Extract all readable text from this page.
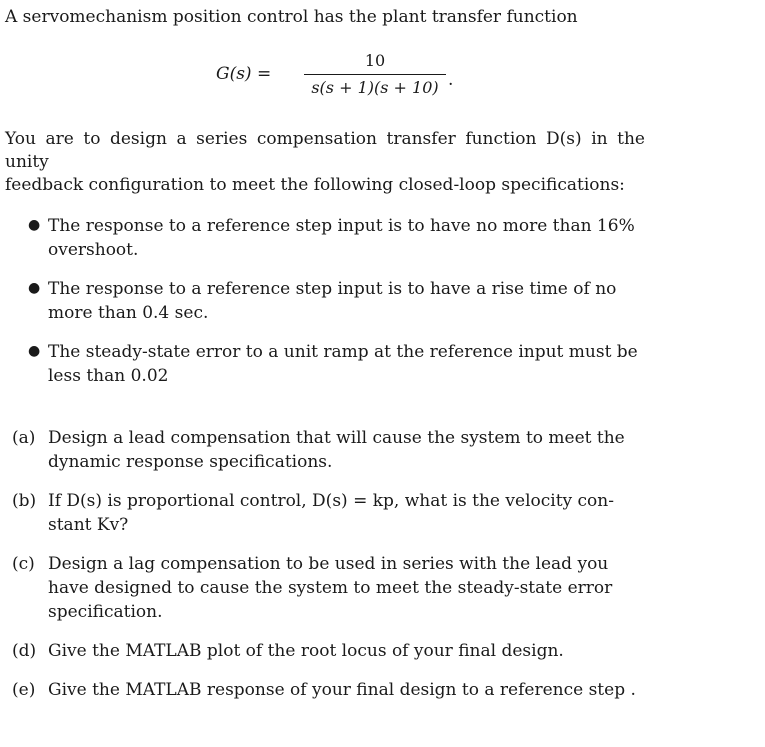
A servomechanism position control has the plant transfer function
G(s) =
10
s(s + 1)(s + 10) .
You are to design a series compensation transfer function D(s) in the unity
feedback configuration to meet the following closed-loop specifications:
● The response to a reference step input is to have no more than 16%
overshoot.
● The response to a reference step input is to have a rise time of no
more than 0.4 sec.
● The steady-state error to a unit ramp at the reference input must be
less than 0.02
(a) Design a lead compensation that will cause the system to meet the
dynamic response specifications.
(b) If D(s) is proportional control, D(s) = kp, what is the velocity con-
stant Kv?
(c) Design a lag compensation to be used in series with the lead you
have designed to cause the system to meet the steady-state error
specification.
(d) Give the MATLAB plot of the root locus of your final design.
(e) Give the MATLAB response of your final design to a reference step .
